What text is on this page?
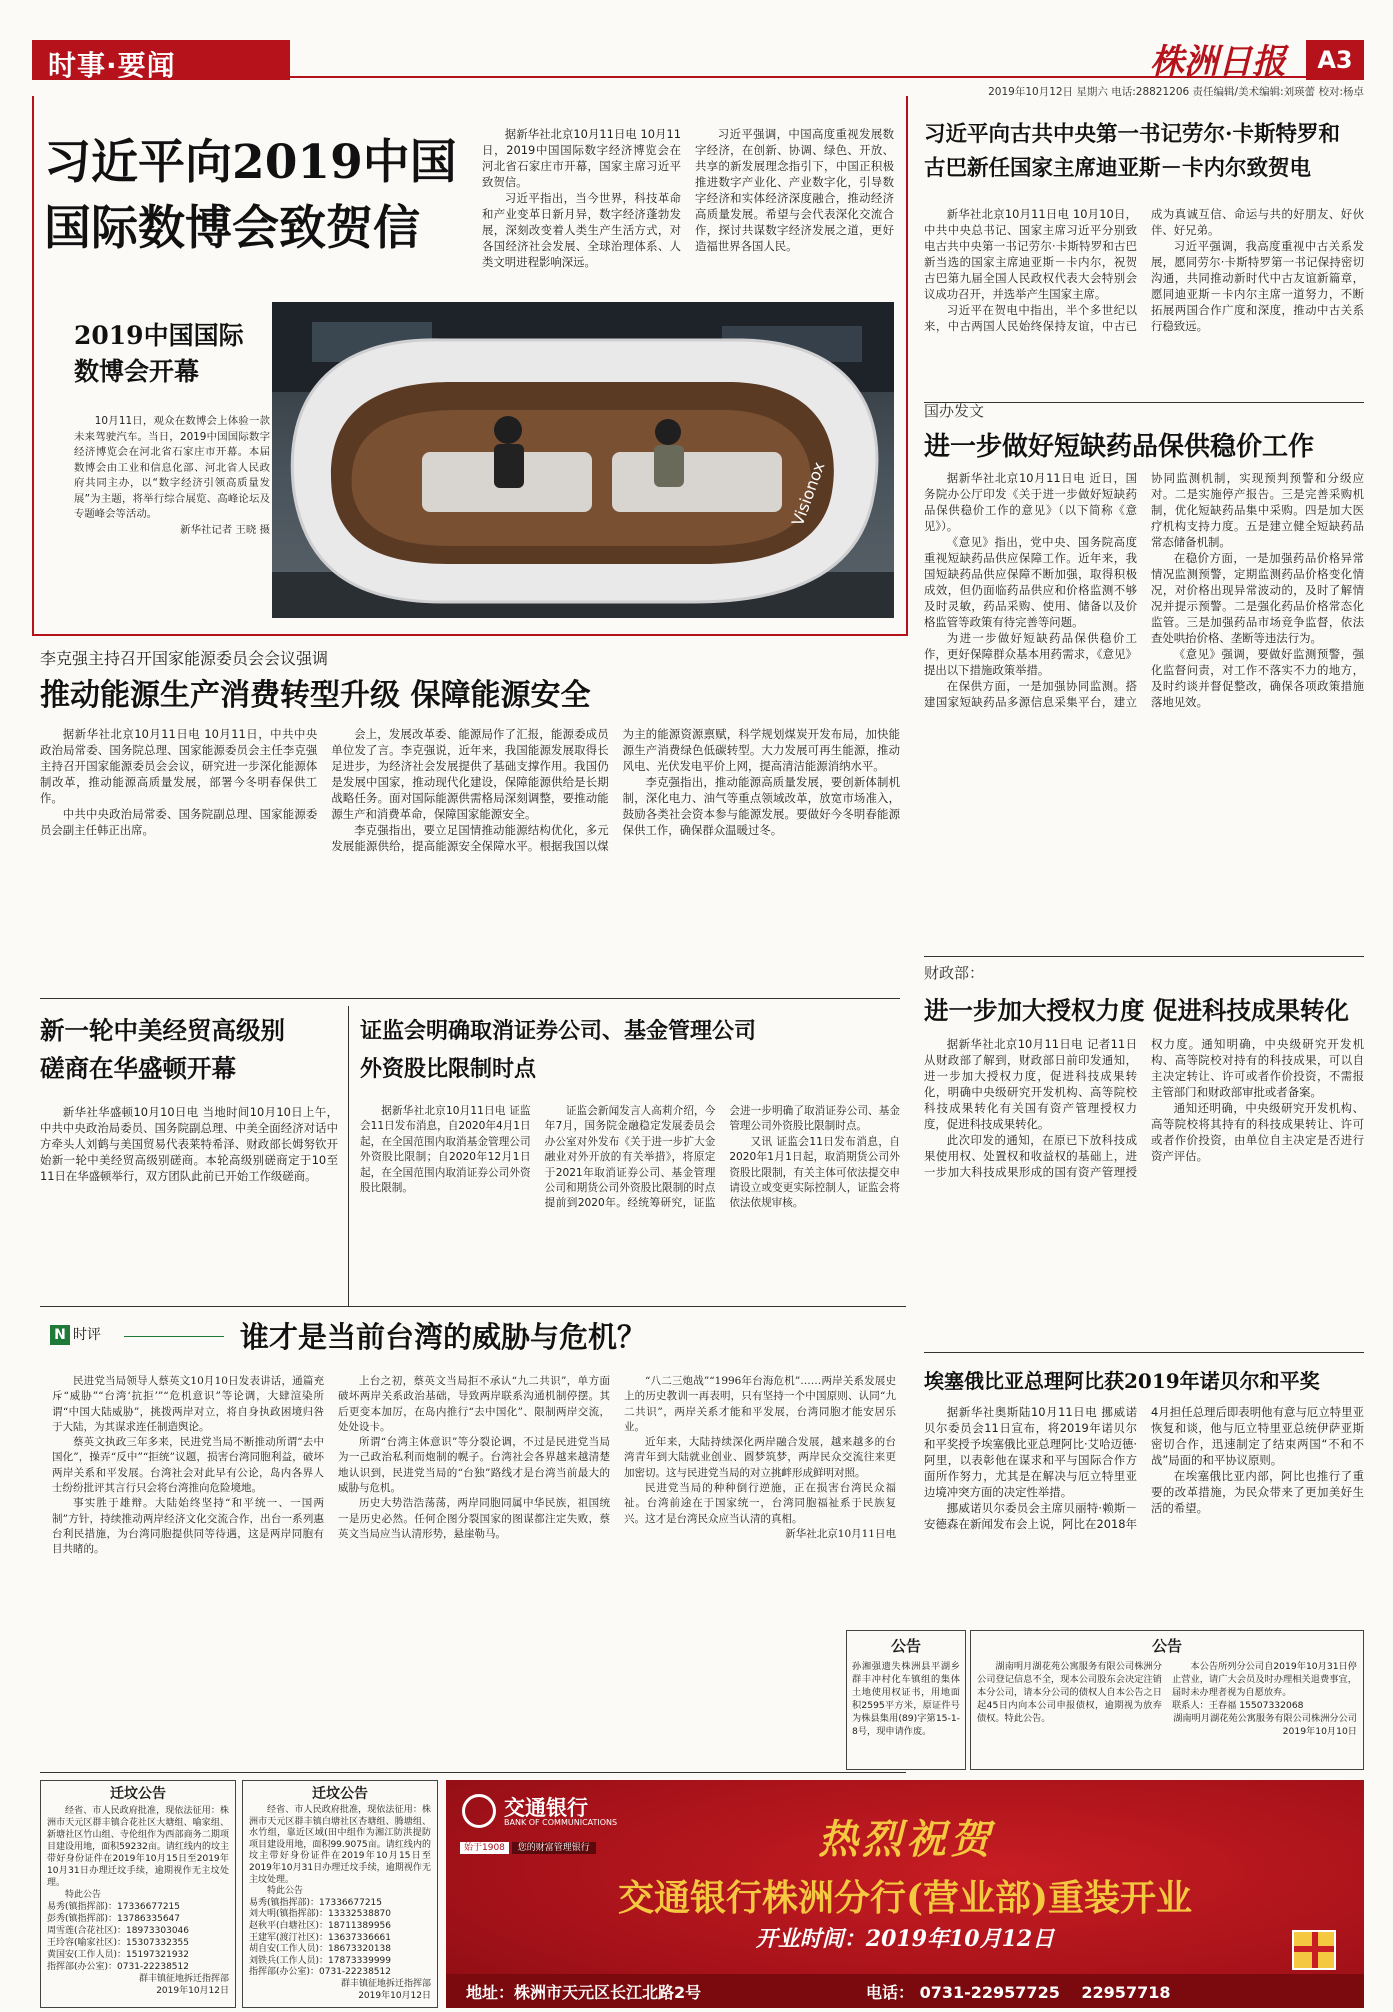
时事·要闻	株洲日报	A3
2019年10月12日 星期六 电话:28821206 责任编辑/美术编辑:刘瑛蕾 校对:杨卓
习近平向2019中国
国际数博会致贺信

据新华社北京10月11日电 10月11日，2019中国国际数字经济博览会在河北省石家庄市开幕，国家主席习近平致贺信。

习近平指出，当今世界，科技革命和产业变革日新月异，数字经济蓬勃发展，深刻改变着人类生产生活方式，对各国经济社会发展、全球治理体系、人类文明进程影响深远。

习近平强调，中国高度重视发展数字经济，在创新、协调、绿色、开放、共享的新发展理念指引下，中国正积极推进数字产业化、产业数字化，引导数字经济和实体经济深度融合，推动经济高质量发展。希望与会代表深化交流合作，探讨共谋数字经济发展之道，更好造福世界各国人民。

2019中国国际
数博会开幕
10月11日，观众在数博会上体验一款未来驾驶汽车。当日，2019中国国际数字经济博览会在河北省石家庄市开幕。本届数博会由工业和信息化部、河北省人民政府共同主办，以“数字经济引领高质量发展”为主题，将举行综合展览、高峰论坛及专题峰会等活动。
新华社记者 王晓 摄
Visionox
习近平向古共中央第一书记劳尔·卡斯特罗和
古巴新任国家主席迪亚斯－卡内尔致贺电

新华社北京10月11日电 10月10日，中共中央总书记、国家主席习近平分别致电古共中央第一书记劳尔·卡斯特罗和古巴新当选的国家主席迪亚斯－卡内尔，祝贺古巴第九届全国人民政权代表大会特别会议成功召开，并选举产生国家主席。

习近平在贺电中指出，半个多世纪以来，中古两国人民始终保持友谊，中古已成为真诚互信、命运与共的好朋友、好伙伴、好兄弟。

习近平强调，我高度重视中古关系发展，愿同劳尔·卡斯特罗第一书记保持密切沟通，共同推动新时代中古友谊新篇章，愿同迪亚斯－卡内尔主席一道努力，不断拓展两国合作广度和深度，推动中古关系行稳致远。

国办发文
进一步做好短缺药品保供稳价工作

据新华社北京10月11日电 近日，国务院办公厅印发《关于进一步做好短缺药品保供稳价工作的意见》（以下简称《意见》）。

《意见》指出，党中央、国务院高度重视短缺药品供应保障工作。近年来，我国短缺药品供应保障不断加强，取得积极成效，但仍面临药品供应和价格监测不够及时灵敏，药品采购、使用、储备以及价格监管等政策有待完善等问题。

为进一步做好短缺药品保供稳价工作，更好保障群众基本用药需求，《意见》提出以下措施政策举措。

在保供方面，一是加强协同监测。搭建国家短缺药品多源信息采集平台，建立协同监测机制，实现预判预警和分级应对。二是实施停产报告。三是完善采购机制，优化短缺药品集中采购。四是加大医疗机构支持力度。五是建立健全短缺药品常态储备机制。

在稳价方面，一是加强药品价格异常情况监测预警，定期监测药品价格变化情况，对价格出现异常波动的，及时了解情况并提示预警。二是强化药品价格常态化监管。三是加强药品市场竞争监督，依法查处哄抬价格、垄断等违法行为。

《意见》强调，要做好监测预警，强化监督问责，对工作不落实不力的地方，及时约谈并督促整改，确保各项政策措施落地见效。

财政部：
进一步加大授权力度 促进科技成果转化

据新华社北京10月11日电 记者11日从财政部了解到，财政部日前印发通知，进一步加大授权力度，促进科技成果转化，明确中央级研究开发机构、高等院校科技成果转化有关国有资产管理授权力度，促进科技成果转化。

此次印发的通知，在原已下放科技成果使用权、处置权和收益权的基础上，进一步加大科技成果形成的国有资产管理授权力度。通知明确，中央级研究开发机构、高等院校对持有的科技成果，可以自主决定转让、许可或者作价投资，不需报主管部门和财政部审批或者备案。

通知还明确，中央级研究开发机构、高等院校将其持有的科技成果转让、许可或者作价投资，由单位自主决定是否进行资产评估。

埃塞俄比亚总理阿比获2019年诺贝尔和平奖

据新华社奥斯陆10月11日电 挪威诺贝尔委员会11日宣布，将2019年诺贝尔和平奖授予埃塞俄比亚总理阿比·艾哈迈德·阿里，以表彰他在谋求和平与国际合作方面所作努力，尤其是在解决与厄立特里亚边境冲突方面的决定性举措。

挪威诺贝尔委员会主席贝丽特·赖斯－安德森在新闻发布会上说，阿比在2018年4月担任总理后即表明他有意与厄立特里亚恢复和谈，他与厄立特里亚总统伊萨亚斯密切合作，迅速制定了结束两国“不和不战”局面的和平协议原则。

在埃塞俄比亚内部，阿比也推行了重要的改革措施，为民众带来了更加美好生活的希望。

李克强主持召开国家能源委员会会议强调
推动能源生产消费转型升级 保障能源安全

据新华社北京10月11日电 10月11日，中共中央政治局常委、国务院总理、国家能源委员会主任李克强主持召开国家能源委员会会议，研究进一步深化能源体制改革，推动能源高质量发展，部署今冬明春保供工作。

中共中央政治局常委、国务院副总理、国家能源委员会副主任韩正出席。

会上，发展改革委、能源局作了汇报，能源委成员单位发了言。李克强说，近年来，我国能源发展取得长足进步，为经济社会发展提供了基础支撑作用。我国仍是发展中国家，推动现代化建设，保障能源供给是长期战略任务。面对国际能源供需格局深刻调整，要推动能源生产和消费革命，保障国家能源安全。

李克强指出，要立足国情推动能源结构优化，多元发展能源供给，提高能源安全保障水平。根据我国以煤为主的能源资源禀赋，科学规划煤炭开发布局，加快能源生产消费绿色低碳转型。大力发展可再生能源，推动风电、光伏发电平价上网，提高清洁能源消纳水平。

李克强指出，推动能源高质量发展，要创新体制机制，深化电力、油气等重点领域改革，放宽市场准入，鼓励各类社会资本参与能源发展。要做好今冬明春能源保供工作，确保群众温暖过冬。

新一轮中美经贸高级别
磋商在华盛顿开幕

新华社华盛顿10月10日电 当地时间10月10日上午，中共中央政治局委员、国务院副总理、中美全面经济对话中方牵头人刘鹤与美国贸易代表莱特希泽、财政部长姆努钦开始新一轮中美经贸高级别磋商。本轮高级别磋商定于10至11日在华盛顿举行，双方团队此前已开始工作级磋商。

证监会明确取消证券公司、基金管理公司
外资股比限制时点

据新华社北京10月11日电 证监会11日发布消息，自2020年4月1日起，在全国范围内取消基金管理公司外资股比限制；自2020年12月1日起，在全国范围内取消证券公司外资股比限制。

证监会新闻发言人高莉介绍，今年7月，国务院金融稳定发展委员会办公室对外发布《关于进一步扩大金融业对外开放的有关举措》，将原定于2021年取消证券公司、基金管理公司和期货公司外资股比限制的时点提前到2020年。经统筹研究，证监会进一步明确了取消证券公司、基金管理公司外资股比限制时点。

又讯 证监会11日发布消息，自2020年1月1日起，取消期货公司外资股比限制，有关主体可依法提交申请设立或变更实际控制人，证监会将依法依规审核。

N 时评	谁才是当前台湾的威胁与危机？

民进党当局领导人蔡英文10月10日发表讲话，通篇充斥“威胁”“台湾‘抗拒’”“危机意识”等论调，大肆渲染所谓“中国大陆威胁”，挑拨两岸对立，将自身执政困境归咎于大陆，为其谋求连任制造舆论。

蔡英文执政三年多来，民进党当局不断推动所谓“去中国化”，操弄“反中”“拒统”议题，损害台湾同胞利益，破坏两岸关系和平发展。台湾社会对此早有公论，岛内各界人士纷纷批评其言行只会将台湾推向危险境地。

事实胜于雄辩。大陆始终坚持“和平统一、一国两制”方针，持续推动两岸经济文化交流合作，出台一系列惠台利民措施，为台湾同胞提供同等待遇，这是两岸同胞有目共睹的。

上台之初，蔡英文当局拒不承认“九二共识”，单方面破坏两岸关系政治基础，导致两岸联系沟通机制停摆。其后更变本加厉，在岛内推行“去中国化”、限制两岸交流，处处设卡。

所谓“台湾主体意识”等分裂论调，不过是民进党当局为一己政治私利而炮制的幌子。台湾社会各界越来越清楚地认识到，民进党当局的“台独”路线才是台湾当前最大的威胁与危机。

历史大势浩浩荡荡，两岸同胞同属中华民族，祖国统一是历史必然。任何企图分裂国家的图谋都注定失败，蔡英文当局应当认清形势，悬崖勒马。

“八二三炮战”“1996年台海危机”……两岸关系发展史上的历史教训一再表明，只有坚持一个中国原则、认同“九二共识”，两岸关系才能和平发展，台湾同胞才能安居乐业。

近年来，大陆持续深化两岸融合发展，越来越多的台湾青年到大陆就业创业、圆梦筑梦，两岸民众交流往来更加密切。这与民进党当局的对立挑衅形成鲜明对照。

民进党当局的种种倒行逆施，正在损害台湾民众福祉。台湾前途在于国家统一，台湾同胞福祉系于民族复兴。这才是台湾民众应当认清的真相。

新华社北京10月11日电

公告
孙湘强遗失株洲县平湖乡群丰冲村化车镇组的集体土地使用权证书，用地面积2595平方米，原证件号为株县集用(89)字第15-1-8号，现申请作废。
公告

湖南明月湖花苑公寓服务有限公司株洲分公司登记信息不全，现本公司股东会决定注销本分公司，请本分公司的债权人自本公告之日起45日内向本公司申报债权，逾期视为放弃债权。特此公告。

本公告所列分公司自2019年10月31日停止营业，请广大会员及时办理相关退费事宜，届时未办理者视为自愿放弃。

联系人：王春福 15507332068

湖南明月湖花苑公寓服务有限公司株洲分公司

2019年10月10日

迁坟公告

经省、市人民政府批准，现依法征用：株洲市天元区群丰镇合花社区大塘组、喻家组、新塘社区竹山组、寺伦组作为西部商务二期项目建设用地，面积59232亩。请红线内的坟主带好身份证件在2019年10月15日至2019年10月31日办理迁坟手续，逾期视作无主坟处理。

特此公告

易秀(镇指挥部)：17336677215

彭秀(镇指挥部)：13786335647

周雪莲(合花社区)：18973303046

王玲容(喻家社区)：15307332355

黄国安(工作人员)：15197321932

指挥部(办公室)：0731-22238512

群丰镇征地拆迁指挥部

2019年10月12日

迁坟公告

经省、市人民政府批准，现依法征用：株洲市天元区群丰镇白塘社区杏塘组、腾塘组、水竹组，靠近区域(田中组作为湘江防洪提防项目建设用地，面积99.9075亩。请红线内的坟主带好身份证件在2019年10月15日至2019年10月31日办理迁坟手续，逾期视作无主坟处理。

特此公告

易秀(镇指挥部)：17336677215

刘大明(镇指挥部)：13332538870

赵秋平(白塘社区)：18711389956

王建军(渡汀社区)：13637336661

胡自安(工作人员)：18673320138

刘铁兵(工作人员)：17873339999

指挥部(办公室)：0731-22238512

群丰镇征地拆迁指挥部

2019年10月12日

交通银行
BANK OF COMMUNICATIONS
始于1908 您的财富管理银行	热烈祝贺
交通银行株洲分行(营业部)重装开业
开业时间：2019年10月12日
地址：株洲市天元区长江北路2号	电话： 0731-22957725 22957718
